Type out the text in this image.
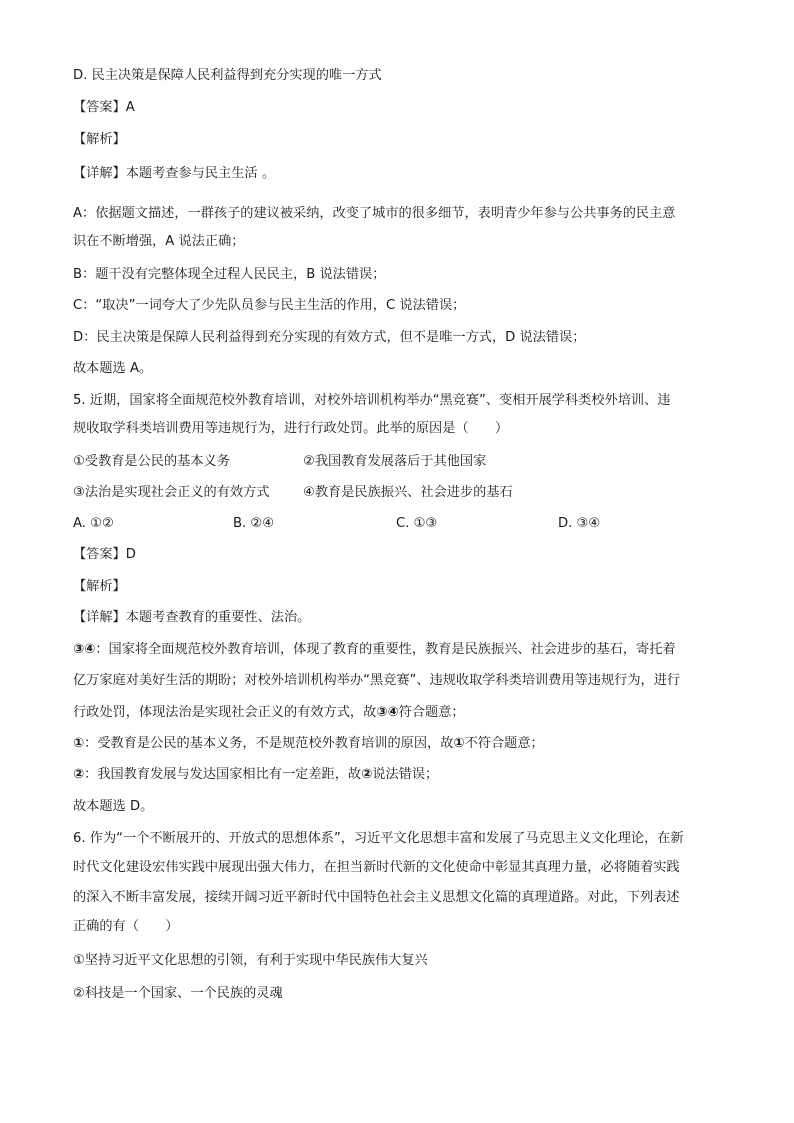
D. 民主决策是保障人民利益得到充分实现的唯一方式
【答案】A
【解析】
【详解】本题考查参与民主生活 。
A：依据题文描述，一群孩子的建议被采纳，改变了城市的很多细节，表明青少年参与公共事务的民主意
识在不断增强，A 说法正确；
B：题干没有完整体现全过程人民民主，B 说法错误；
C：“取决”一词夸大了少先队员参与民主生活的作用，C 说法错误；
D：民主决策是保障人民利益得到充分实现的有效方式，但不是唯一方式，D 说法错误；
故本题选 A。
5. 近期，国家将全面规范校外教育培训，对校外培训机构举办“黑竞赛”、变相开展学科类校外培训、违
规收取学科类培训费用等违规行为，进行行政处罚。此举的原因是（　　）
①受教育是公民的基本义务	②我国教育发展落后于其他国家
③法治是实现社会正义的有效方式	④教育是民族振兴、社会进步的基石
A. ①②	B. ②④	C. ①③	D. ③④
【答案】D
【解析】
【详解】本题考查教育的重要性、法治。
③④：国家将全面规范校外教育培训，体现了教育的重要性，教育是民族振兴、社会进步的基石，寄托着
亿万家庭对美好生活的期盼；对校外培训机构举办“黑竞赛”、违规收取学科类培训费用等违规行为，进行
行政处罚，体现法治是实现社会正义的有效方式，故③④符合题意；
①：受教育是公民的基本义务，不是规范校外教育培训的原因，故①不符合题意；
②：我国教育发展与发达国家相比有一定差距，故②说法错误；
故本题选 D。
6. 作为“一个不断展开的、开放式的思想体系”，习近平文化思想丰富和发展了马克思主义文化理论，在新
时代文化建设宏伟实践中展现出强大伟力，在担当新时代新的文化使命中彰显其真理力量，必将随着实践
的深入不断丰富发展，接续开阔习近平新时代中国特色社会主义思想文化篇的真理道路。对此，下列表述
正确的有（　　）
①坚持习近平文化思想的引领，有利于实现中华民族伟大复兴
②科技是一个国家、一个民族的灵魂
